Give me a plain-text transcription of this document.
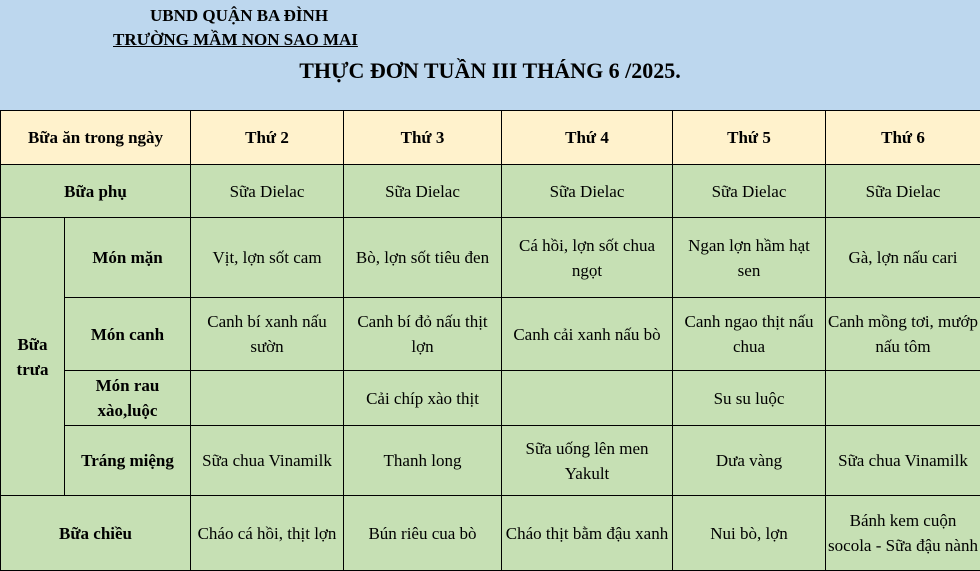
UBND QUẬN BA ĐÌNH
TRƯỜNG MẦM NON SAO MAI
THỰC ĐƠN TUẦN III THÁNG 6 /2025.
Bữa ăn trong ngày		Thứ 2	Thứ 3	Thứ 4	Thứ 5	Thứ 6
Bữa phụ		Sữa Dielac	Sữa Dielac	Sữa Dielac	Sữa Dielac	Sữa Dielac
Bữa trưa	Món mặn	Vịt, lợn sốt cam	Bò, lợn sốt tiêu đen	Cá hồi, lợn sốt chua ngọt	Ngan lợn hầm hạt sen	Gà, lợn nấu cari
	Món canh	Canh bí xanh nấu sườn	Canh bí đỏ nấu thịt lợn	Canh cải xanh nấu bò	Canh ngao thịt nấu chua	Canh mồng tơi, mướp nấu tôm
	Món rau xào,luộc		Cải chíp xào thịt		Su su luộc	
	Tráng miệng	Sữa chua Vinamilk	Thanh long	Sữa uống lên men Yakult	Dưa vàng	Sữa chua Vinamilk
Bữa chiều		Cháo cá hồi, thịt lợn	Bún riêu cua bò	Cháo thịt bằm đậu xanh	Nui bò, lợn	Bánh kem cuộn socola - Sữa đậu nành
